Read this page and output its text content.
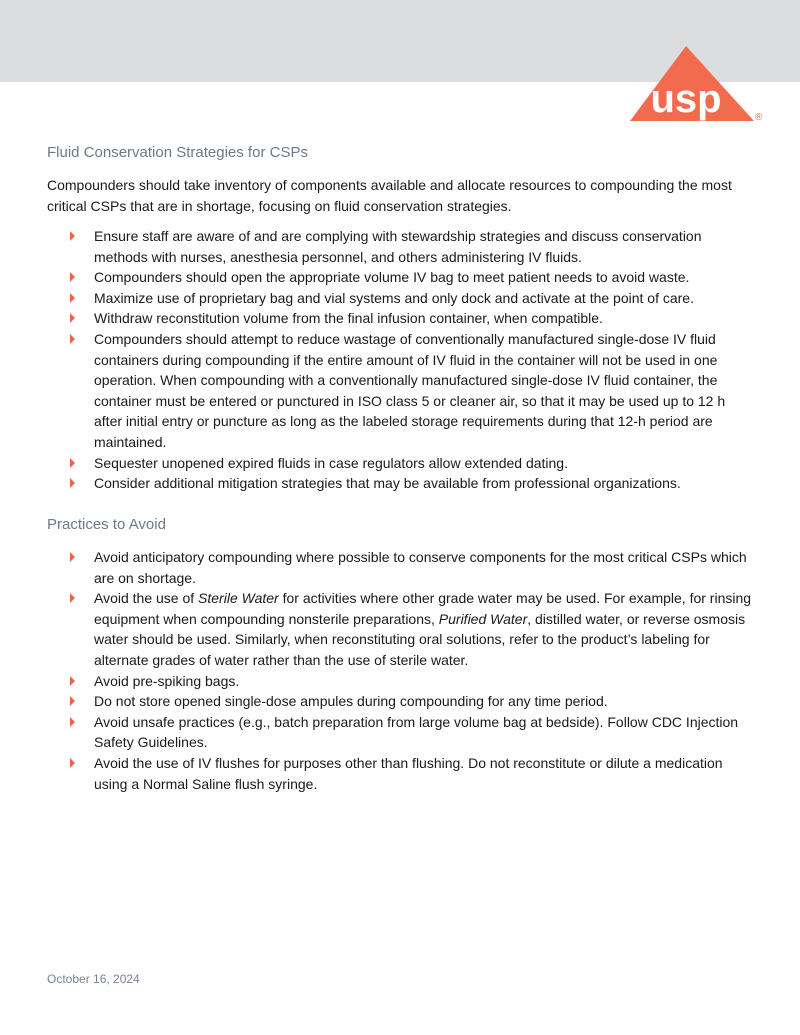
usp	®
Fluid Conservation Strategies for CSPs

Compounders should take inventory of components available and allocate resources to compounding the most critical CSPs that are in shortage, focusing on fluid conservation strategies.

Ensure staff are aware of and are complying with stewardship strategies and discuss conservation methods with nurses, anesthesia personnel, and others administering IV fluids.
Compounders should open the appropriate volume IV bag to meet patient needs to avoid waste.
Maximize use of proprietary bag and vial systems and only dock and activate at the point of care.
Withdraw reconstitution volume from the final infusion container, when compatible.
Compounders should attempt to reduce wastage of conventionally manufactured single-dose IV fluid containers during compounding if the entire amount of IV fluid in the container will not be used in one operation. When compounding with a conventionally manufactured single-dose IV fluid container, the container must be entered or punctured in ISO class 5 or cleaner air, so that it may be used up to 12 h after initial entry or puncture as long as the labeled storage requirements during that 12-h period are maintained.
Sequester unopened expired fluids in case regulators allow extended dating.
Consider additional mitigation strategies that may be available from professional organizations.
Practices to Avoid
Avoid anticipatory compounding where possible to conserve components for the most critical CSPs which are on shortage.
Avoid the use of Sterile Water for activities where other grade water may be used. For example, for rinsing equipment when compounding nonsterile preparations, Purified Water, distilled water, or reverse osmosis water should be used. Similarly, when reconstituting oral solutions, refer to the product’s labeling for alternate grades of water rather than the use of sterile water.
Avoid pre-spiking bags.
Do not store opened single-dose ampules during compounding for any time period.
Avoid unsafe practices (e.g., batch preparation from large volume bag at bedside). Follow CDC Injection Safety Guidelines.
Avoid the use of IV flushes for purposes other than flushing. Do not reconstitute or dilute a medication using a Normal Saline flush syringe.

October 16, 2024
